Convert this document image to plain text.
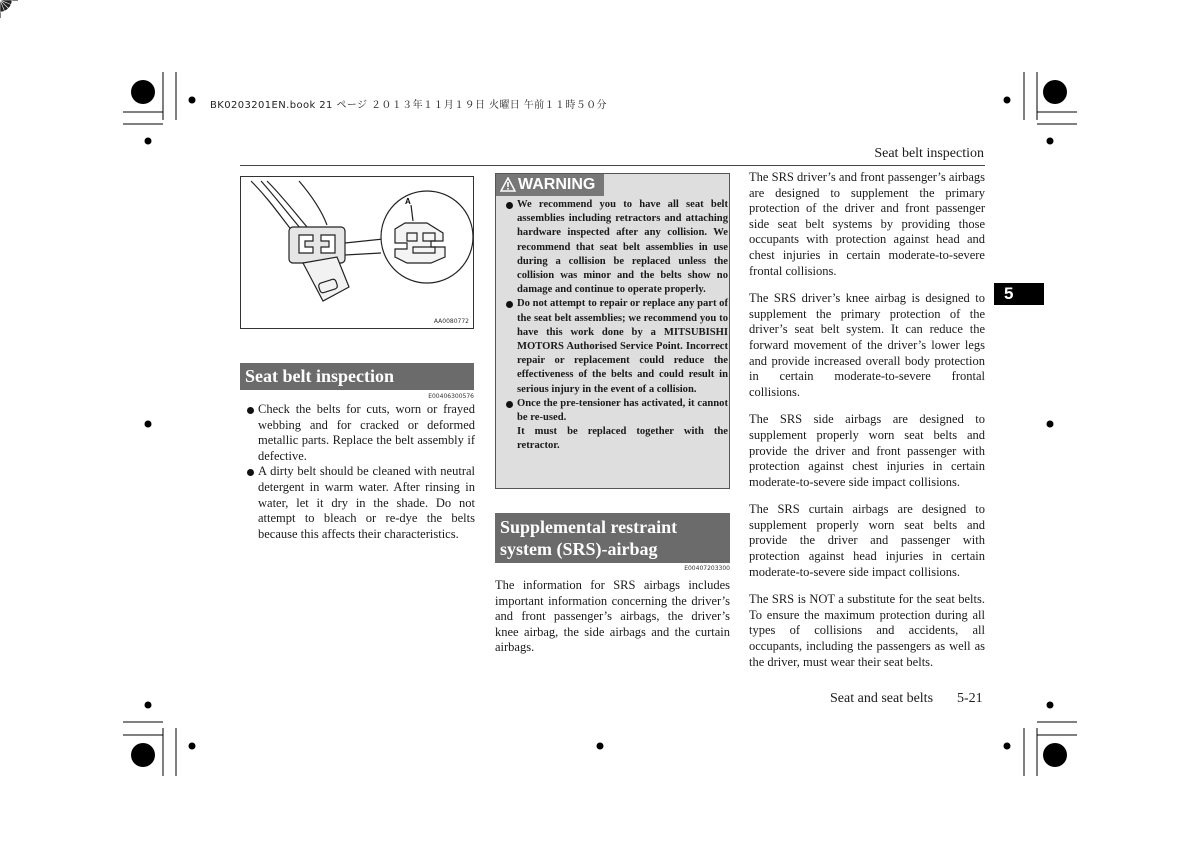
BK0203201EN.book 21 ページ ２０１３年１１月１９日 火曜日 午前１１時５０分
Seat belt inspection
5
A
AA0080772
Seat belt inspection
E00406300576
Check the belts for cuts, worn or frayed webbing and for cracked or deformed metallic parts. Replace the belt assembly if defective.
A dirty belt should be cleaned with neutral detergent in warm water. After rinsing in water, let it dry in the shade. Do not attempt to bleach or re-dye the belts because this affects their characteristics.
WARNING
We recommend you to have all seat belt assemblies including retractors and attaching hardware inspected after any collision. We recommend that seat belt assemblies in use during a collision be replaced unless the collision was minor and the belts show no damage and continue to operate properly.
Do not attempt to repair or replace any part of the seat belt assemblies; we recommend you to have this work done by a MITSUBISHI MOTORS Authorised Service Point. Incorrect repair or replacement could reduce the effectiveness of the belts and could result in serious injury in the event of a collision.
Once the pre-tensioner has activated, it cannot be re-used.
It must be replaced together with the retractor.
Supplemental restraint system (SRS)-airbag
E00407203300

The information for SRS airbags includes important information concerning the driver’s and front passenger’s airbags, the driver’s knee airbag, the side airbags and the curtain airbags.

The SRS driver’s and front passenger’s airbags are designed to supplement the primary protection of the driver and front passenger side seat belt systems by providing those occupants with protection against head and chest injuries in certain moderate-to-severe frontal collisions.

The SRS driver’s knee airbag is designed to supplement the primary protection of the driver’s seat belt system. It can reduce the forward movement of the driver’s lower legs and provide increased overall body protection in certain moderate-to-severe frontal collisions.

The SRS side airbags are designed to supplement properly worn seat belts and provide the driver and front passenger with protection against chest injuries in certain moderate-to-severe side impact collisions.

The SRS curtain airbags are designed to supplement properly worn seat belts and provide the driver and passenger with protection against head injuries in certain moderate-to-severe side impact collisions.

The SRS is NOT a substitute for the seat belts. To ensure the maximum protection during all types of collisions and accidents, all occupants, including the passengers as well as the driver, must wear their seat belts.

Seat and seat belts 5-21
